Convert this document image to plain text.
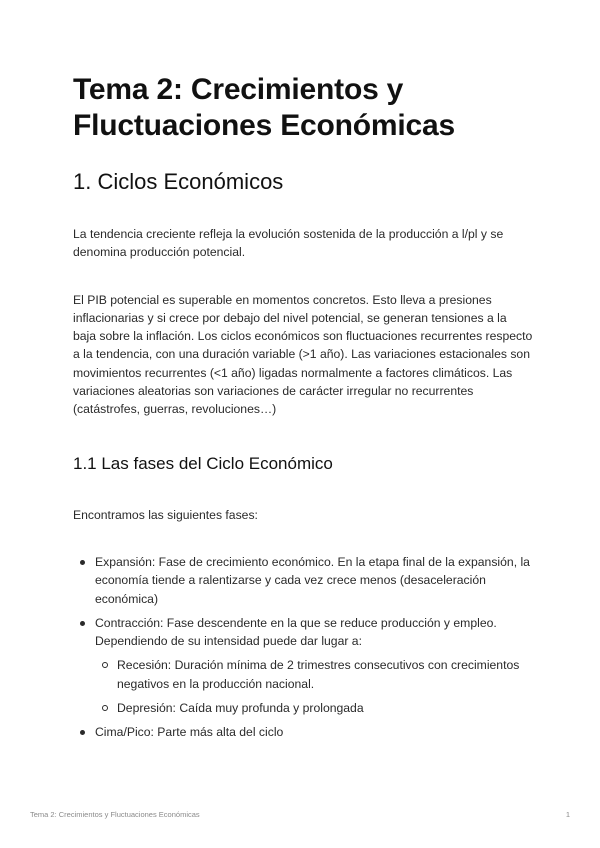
Tema 2: Crecimientos y Fluctuaciones Económicas
1. Ciclos Económicos

La tendencia creciente refleja la evolución sostenida de la producción a l/pl y se denomina producción potencial.

El PIB potencial es superable en momentos concretos. Esto lleva a presiones inflacionarias y si crece por debajo del nivel potencial, se generan tensiones a la baja sobre la inflación. Los ciclos económicos son fluctuaciones recurrentes respecto a la tendencia, con una duración variable (>1 año). Las variaciones estacionales son movimientos recurrentes (<1 año) ligadas normalmente a factores climáticos. Las variaciones aleatorias son variaciones de carácter irregular no recurrentes (catástrofes, guerras, revoluciones…)

1.1 Las fases del Ciclo Económico

Encontramos las siguientes fases:

Expansión: Fase de crecimiento económico. En la etapa final de la expansión, la economía tiende a ralentizarse y cada vez crece menos (desaceleración económica)
Contracción: Fase descendente en la que se reduce producción y empleo. Dependiendo de su intensidad puede dar lugar a:
Recesión: Duración mínima de 2 trimestres consecutivos con crecimientos negativos en la producción nacional.
Depresión: Caída muy profunda y prolongada
Cima/Pico: Parte más alta del ciclo
Tema 2: Crecimientos y Fluctuaciones Económicas	1
